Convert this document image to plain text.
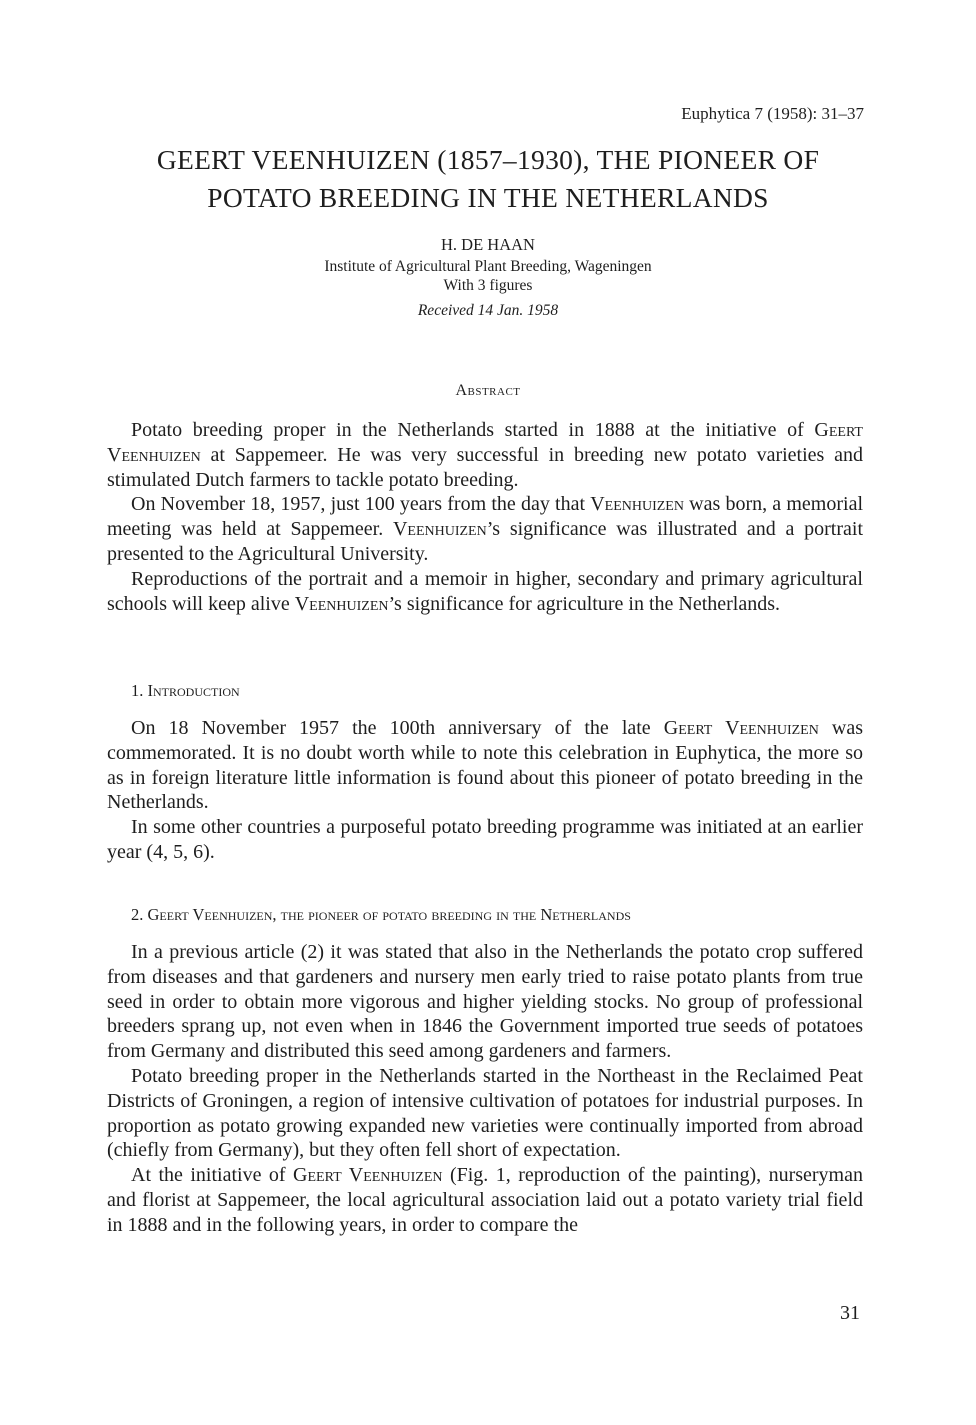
Euphytica 7 (1958): 31–37
GEERT VEENHUIZEN (1857–1930), THE PIONEER OF
POTATO BREEDING IN THE NETHERLANDS
H. DE HAAN
Institute of Agricultural Plant Breeding, Wageningen
With 3 figures
Received 14 Jan. 1958
Abstract

Potato breeding proper in the Netherlands started in 1888 at the initiative of Geert Veenhuizen at Sappemeer. He was very successful in breeding new potato varieties and stimulated Dutch farmers to tackle potato breeding.

On November 18, 1957, just 100 years from the day that Veenhuizen was born, a memorial meeting was held at Sappemeer. Veenhuizen’s significance was illustrated and a portrait presented to the Agricultural University.

Reproductions of the portrait and a memoir in higher, secondary and primary agricultural schools will keep alive Veenhuizen’s significance for agriculture in the Netherlands.

1. Introduction

On 18 November 1957 the 100th anniversary of the late Geert Veenhuizen was commemorated. It is no doubt worth while to note this celebration in Euphytica, the more so as in foreign literature little information is found about this pioneer of potato breeding in the Netherlands.

In some other countries a purposeful potato breeding programme was initiated at an earlier year (4, 5, 6).

2. Geert Veenhuizen, the pioneer of potato breeding in the Netherlands

In a previous article (2) it was stated that also in the Netherlands the potato crop suffered from diseases and that gardeners and nursery men early tried to raise potato plants from true seed in order to obtain more vigorous and higher yielding stocks. No group of professional breeders sprang up, not even when in 1846 the Government imported true seeds of potatoes from Germany and distributed this seed among gardeners and farmers.

Potato breeding proper in the Netherlands started in the Northeast in the Reclaimed Peat Districts of Groningen, a region of intensive cultivation of potatoes for industrial purposes. In proportion as potato growing expanded new varieties were continually imported from abroad (chiefly from Germany), but they often fell short of expectation.

At the initiative of Geert Veenhuizen (Fig. 1, reproduction of the painting), nurseryman and florist at Sappemeer, the local agricultural association laid out a potato variety trial field in 1888 and in the following years, in order to compare the

31
